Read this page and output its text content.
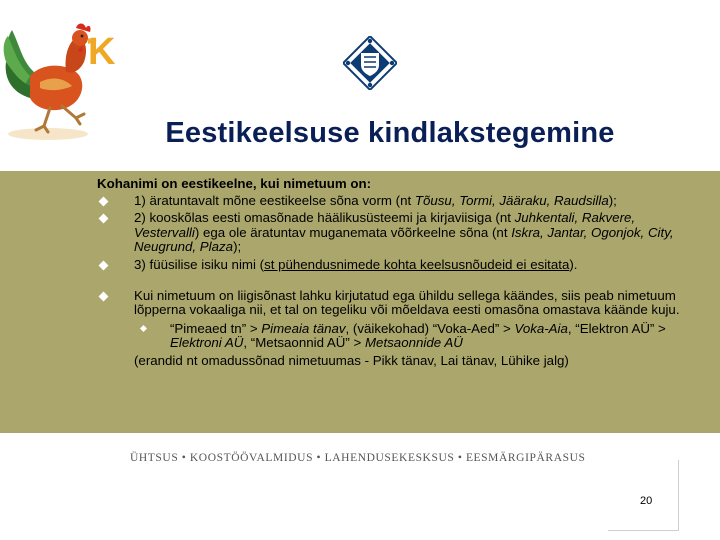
K
Eestikeelsuse kindlakstegemine
Kohanimi on eestikeelne, kui nimetuum on:
1) äratuntavalt mõne eestikeelse sõna vorm (nt Tõusu, Tormi, Jääraku, Raudsilla);
2) kooskõlas eesti omasõnade häälikusüsteemi ja kirjaviisiga (nt Juhkentali, Rakvere, Vestervalli) ega ole äratuntav muganemata võõrkeelne sõna (nt Iskra, Jantar, Ogonjok, City, Neugrund, Plaza);
3) füüsilise isiku nimi (st pühendusnimede kohta keelsusnõudeid ei esitata).
Kui nimetuum on liigisõnast lahku kirjutatud ega ühildu sellega käändes, siis peab nimetuum lõpperna vokaaliga nii, et tal on tegeliku või mõeldava eesti omasõna omastava käände kuju.
“Pimeaed tn” > Pimeaia tänav, (väikekohad) “Voka-Aed” > Voka-Aia, “Elektron AÜ” > Elektroni AÜ, “Metsaonnid AÜ” > Metsaonnide AÜ
(erandid nt omadussõnad nimetuumas - Pikk tänav, Lai tänav, Lühike jalg)
ÜHTSUS • KOOSTÖÖVALMIDUS • LAHENDUSEKESKSUS • EESMÄRGIPÄRASUS
20
